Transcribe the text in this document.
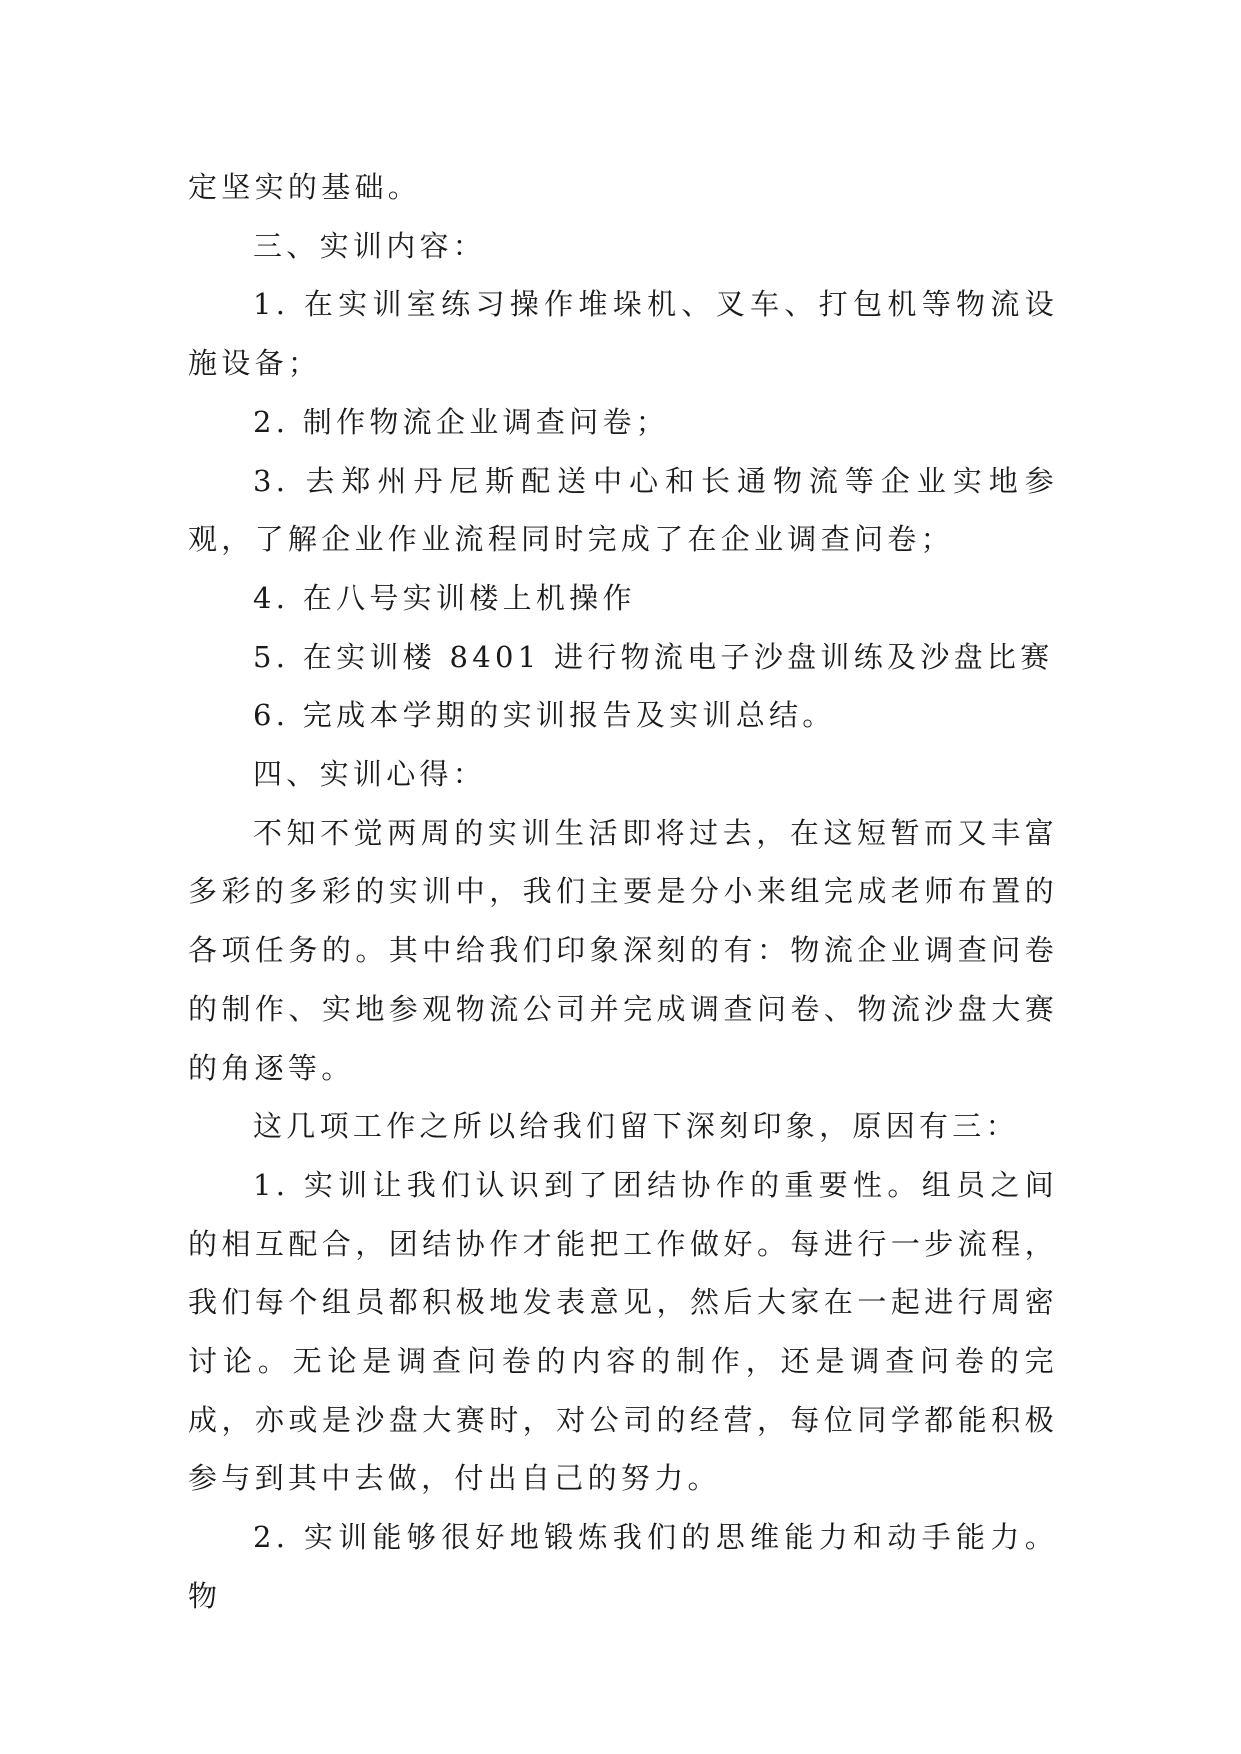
定坚实的基础。

三、实训内容：

1. 在实训室练习操作堆垛机、叉车、打包机等物流设施设备；

2. 制作物流企业调查问卷；

3. 去郑州丹尼斯配送中心和长通物流等企业实地参观，了解企业作业流程同时完成了在企业调查问卷；

4. 在八号实训楼上机操作

5. 在实训楼 8401 进行物流电子沙盘训练及沙盘比赛

6. 完成本学期的实训报告及实训总结。

四、实训心得：

不知不觉两周的实训生活即将过去，在这短暂而又丰富多彩的多彩的实训中，我们主要是分小来组完成老师布置的各项任务的。其中给我们印象深刻的有：物流企业调查问卷的制作、实地参观物流公司并完成调查问卷、物流沙盘大赛的角逐等。

这几项工作之所以给我们留下深刻印象，原因有三：

1. 实训让我们认识到了团结协作的重要性。组员之间的相互配合，团结协作才能把工作做好。每进行一步流程，我们每个组员都积极地发表意见，然后大家在一起进行周密讨论。无论是调查问卷的内容的制作，还是调查问卷的完成，亦或是沙盘大赛时，对公司的经营，每位同学都能积极参与到其中去做，付出自己的努力。

2. 实训能够很好地锻炼我们的思维能力和动手能力。物
